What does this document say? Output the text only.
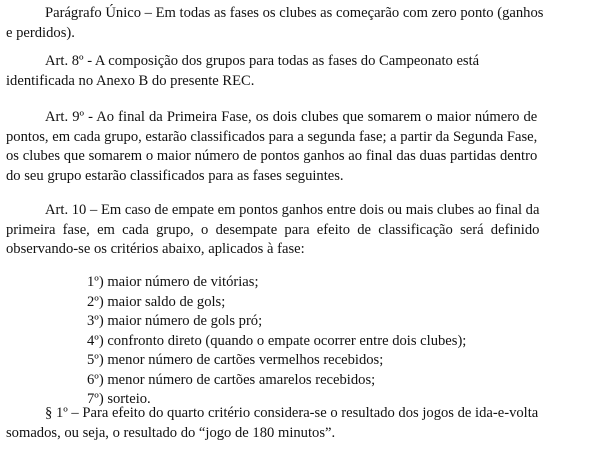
Parágrafo Único – Em todas as fases os clubes as começarão com zero ponto (ganhos
e perdidos).

Art. 8º - A composição dos grupos para todas as fases do Campeonato está
identificada no Anexo B do presente REC.

Art. 9º - Ao final da Primeira Fase, os dois clubes que somarem o maior número de
pontos, em cada grupo, estarão classificados para a segunda fase; a partir da Segunda Fase,
os clubes que somarem o maior número de pontos ganhos ao final das duas partidas dentro
do seu grupo estarão classificados para as fases seguintes.

Art. 10 – Em caso de empate em pontos ganhos entre dois ou mais clubes ao final da
primeira fase, em cada grupo, o desempate para efeito de classificação será definido
observando-se os critérios abaixo, aplicados à fase:

1º) maior número de vitórias;
2º) maior saldo de gols;
3º) maior número de gols pró;
4º) confronto direto (quando o empate ocorrer entre dois clubes);
5º) menor número de cartões vermelhos recebidos;
6º) menor número de cartões amarelos recebidos;
7º) sorteio.

§ 1º – Para efeito do quarto critério considera-se o resultado dos jogos de ida-e-volta
somados, ou seja, o resultado do “jogo de 180 minutos”.
